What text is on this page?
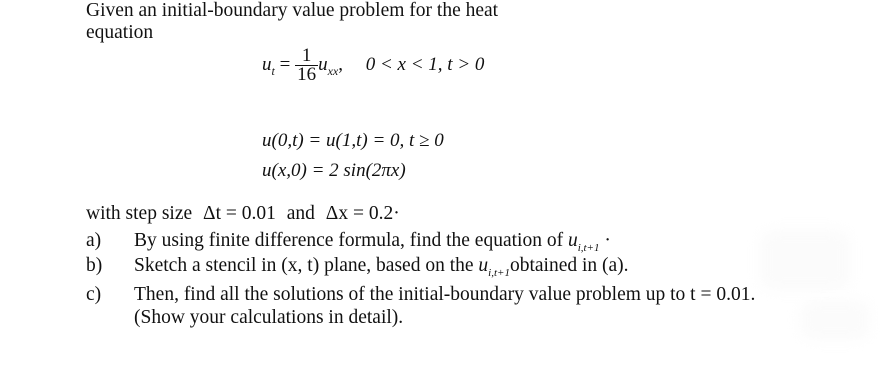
Given an initial-boundary value problem for the heat
equation
$u_t = \frac{1}{16} u_{xx}$, 0 < x < 1, t > 0
u(0,t) = u(1,t) = 0, t ≥ 0
u(x,0) = 2 sin(2πx)
with step size Δt = 0.01 and Δx = 0.2·
a) By using finite difference formula, find the equation of $u_{i,t+1}$ ·
b) Sketch a stencil in (x, t) plane, based on the $u_{i,t+1}obtained$ in (a).
c) Then, find all the solutions of the initial-boundary value problem up to t = 0.01.
(Show your calculations in detail).
